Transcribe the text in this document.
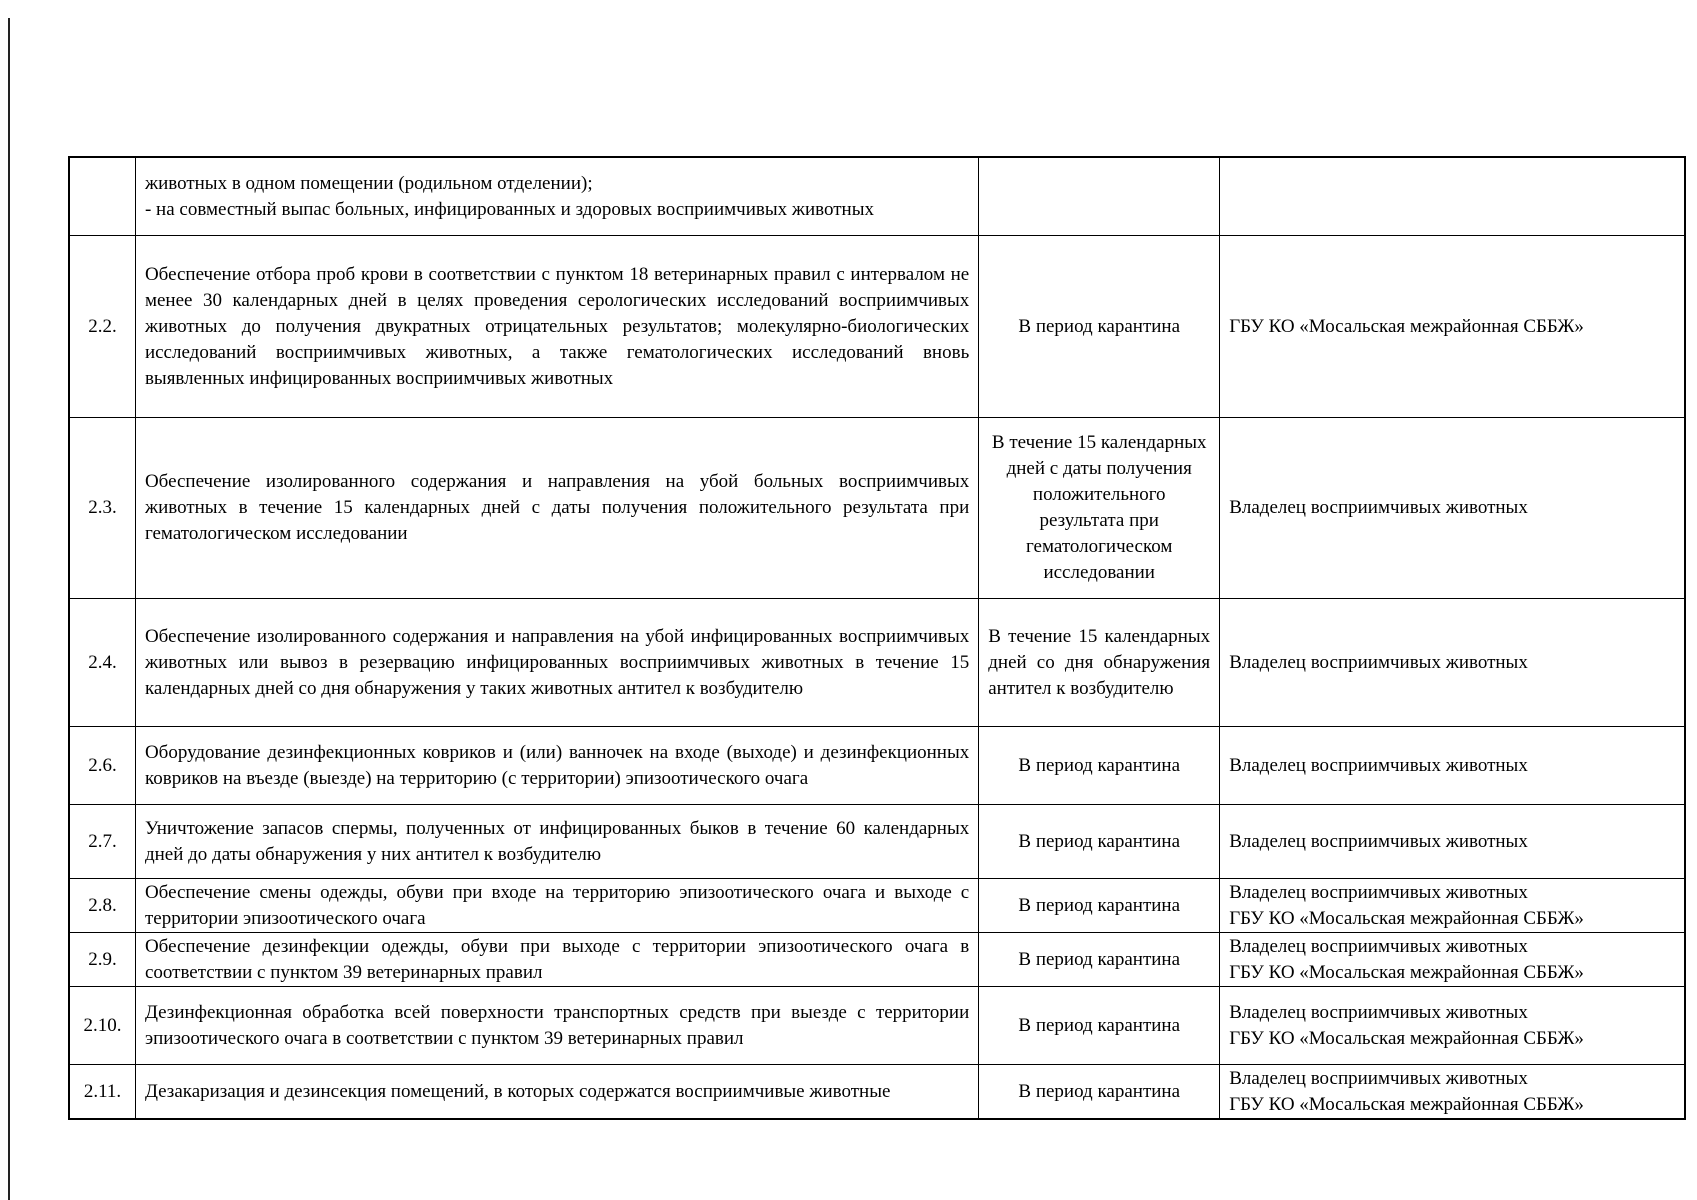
	животных в одном помещении (родильном отделении);
- на совместный выпас больных, инфицированных и здоровых восприимчивых животных		

2.2.	Обеспечение отбора проб крови в соответствии с пунктом 18 ветеринарных правил с интервалом не менее 30 календарных дней в целях проведения серологических исследований восприимчивых животных до получения двукратных отрицательных результатов; молекулярно-биологических исследований восприимчивых животных, а также гематологических исследований вновь выявленных инфицированных восприимчивых животных	В период карантина	ГБУ КО «Мосальская межрайонная СББЖ»

2.3.	Обеспечение изолированного содержания и направления на убой больных восприимчивых животных в течение 15 календарных дней с даты получения положительного результата при гематологическом исследовании	В течение 15 календарных дней с даты получения положительного результата при гематологическом исследовании	Владелец восприимчивых животных

2.4.	Обеспечение изолированного содержания и направления на убой инфицированных восприимчивых животных или вывоз в резервацию инфицированных восприимчивых животных в течение 15 календарных дней со дня обнаружения у таких животных антител к возбудителю	В течение 15 календарных дней со дня обнаружения антител к возбудителю	Владелец восприимчивых животных

2.6.	Оборудование дезинфекционных ковриков и (или) ванночек на входе (выходе) и дезинфекционных ковриков на въезде (выезде) на территорию (с территории) эпизоотического очага	В период карантина	Владелец восприимчивых животных

2.7.	Уничтожение запасов спермы, полученных от инфицированных быков в течение 60 календарных дней до даты обнаружения у них антител к возбудителю	В период карантина	Владелец восприимчивых животных

2.8.	Обеспечение смены одежды, обуви при входе на территорию эпизоотического очага и выходе с территории эпизоотического очага	В период карантина	Владелец восприимчивых животных
ГБУ КО «Мосальская межрайонная СББЖ»

2.9.	Обеспечение дезинфекции одежды, обуви при выходе с территории эпизоотического очага в соответствии с пунктом 39 ветеринарных правил	В период карантина	Владелец восприимчивых животных
ГБУ КО «Мосальская межрайонная СББЖ»

2.10.	Дезинфекционная обработка всей поверхности транспортных средств при выезде с территории эпизоотического очага в соответствии с пунктом 39 ветеринарных правил	В период карантина	Владелец восприимчивых животных
ГБУ КО «Мосальская межрайонная СББЖ»

2.11.	Дезакаризация и дезинсекция помещений, в которых содержатся восприимчивые животные	В период карантина	Владелец восприимчивых животных
ГБУ КО «Мосальская межрайонная СББЖ»
